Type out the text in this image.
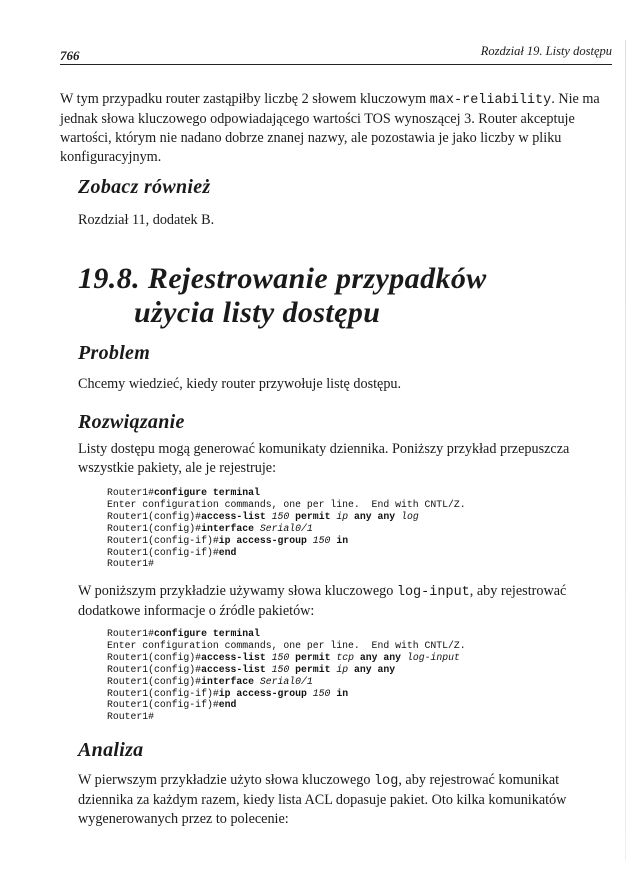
766	Rozdział 19. Listy dostępu

W tym przypadku router zastąpiłby liczbę 2 słowem kluczowym max-reliability. Nie ma jednak słowa kluczowego odpowiadającego wartości TOS wynoszącej 3. Router akceptuje wartości, którym nie nadano dobrze znanej nazwy, ale pozostawia je jako liczby w pliku konfiguracyjnym.

Zobacz również

Rozdział 11, dodatek B.

19.8. Rejestrowanie przypadków
użycia listy dostępu
Problem

Chcemy wiedzieć, kiedy router przywołuje listę dostępu.

Rozwiązanie

Listy dostępu mogą generować komunikaty dziennika. Poniższy przykład przepuszcza wszystkie pakiety, ale je rejestruje:

Router1#configure terminal
Enter configuration commands, one per line.  End with CNTL/Z.
Router1(config)#access-list 150 permit ip any any log
Router1(config)#interface Serial0/1
Router1(config-if)#ip access-group 150 in
Router1(config-if)#end
Router1#

W poniższym przykładzie używamy słowa kluczowego log-input, aby rejestrować dodatkowe informacje o źródle pakietów:

Router1#configure terminal
Enter configuration commands, one per line.  End with CNTL/Z.
Router1(config)#access-list 150 permit tcp any any log-input
Router1(config)#access-list 150 permit ip any any
Router1(config)#interface Serial0/1
Router1(config-if)#ip access-group 150 in
Router1(config-if)#end
Router1#
Analiza

W pierwszym przykładzie użyto słowa kluczowego log, aby rejestrować komunikat dziennika za każdym razem, kiedy lista ACL dopasuje pakiet. Oto kilka komunikatów wygenerowanych przez to polecenie:
